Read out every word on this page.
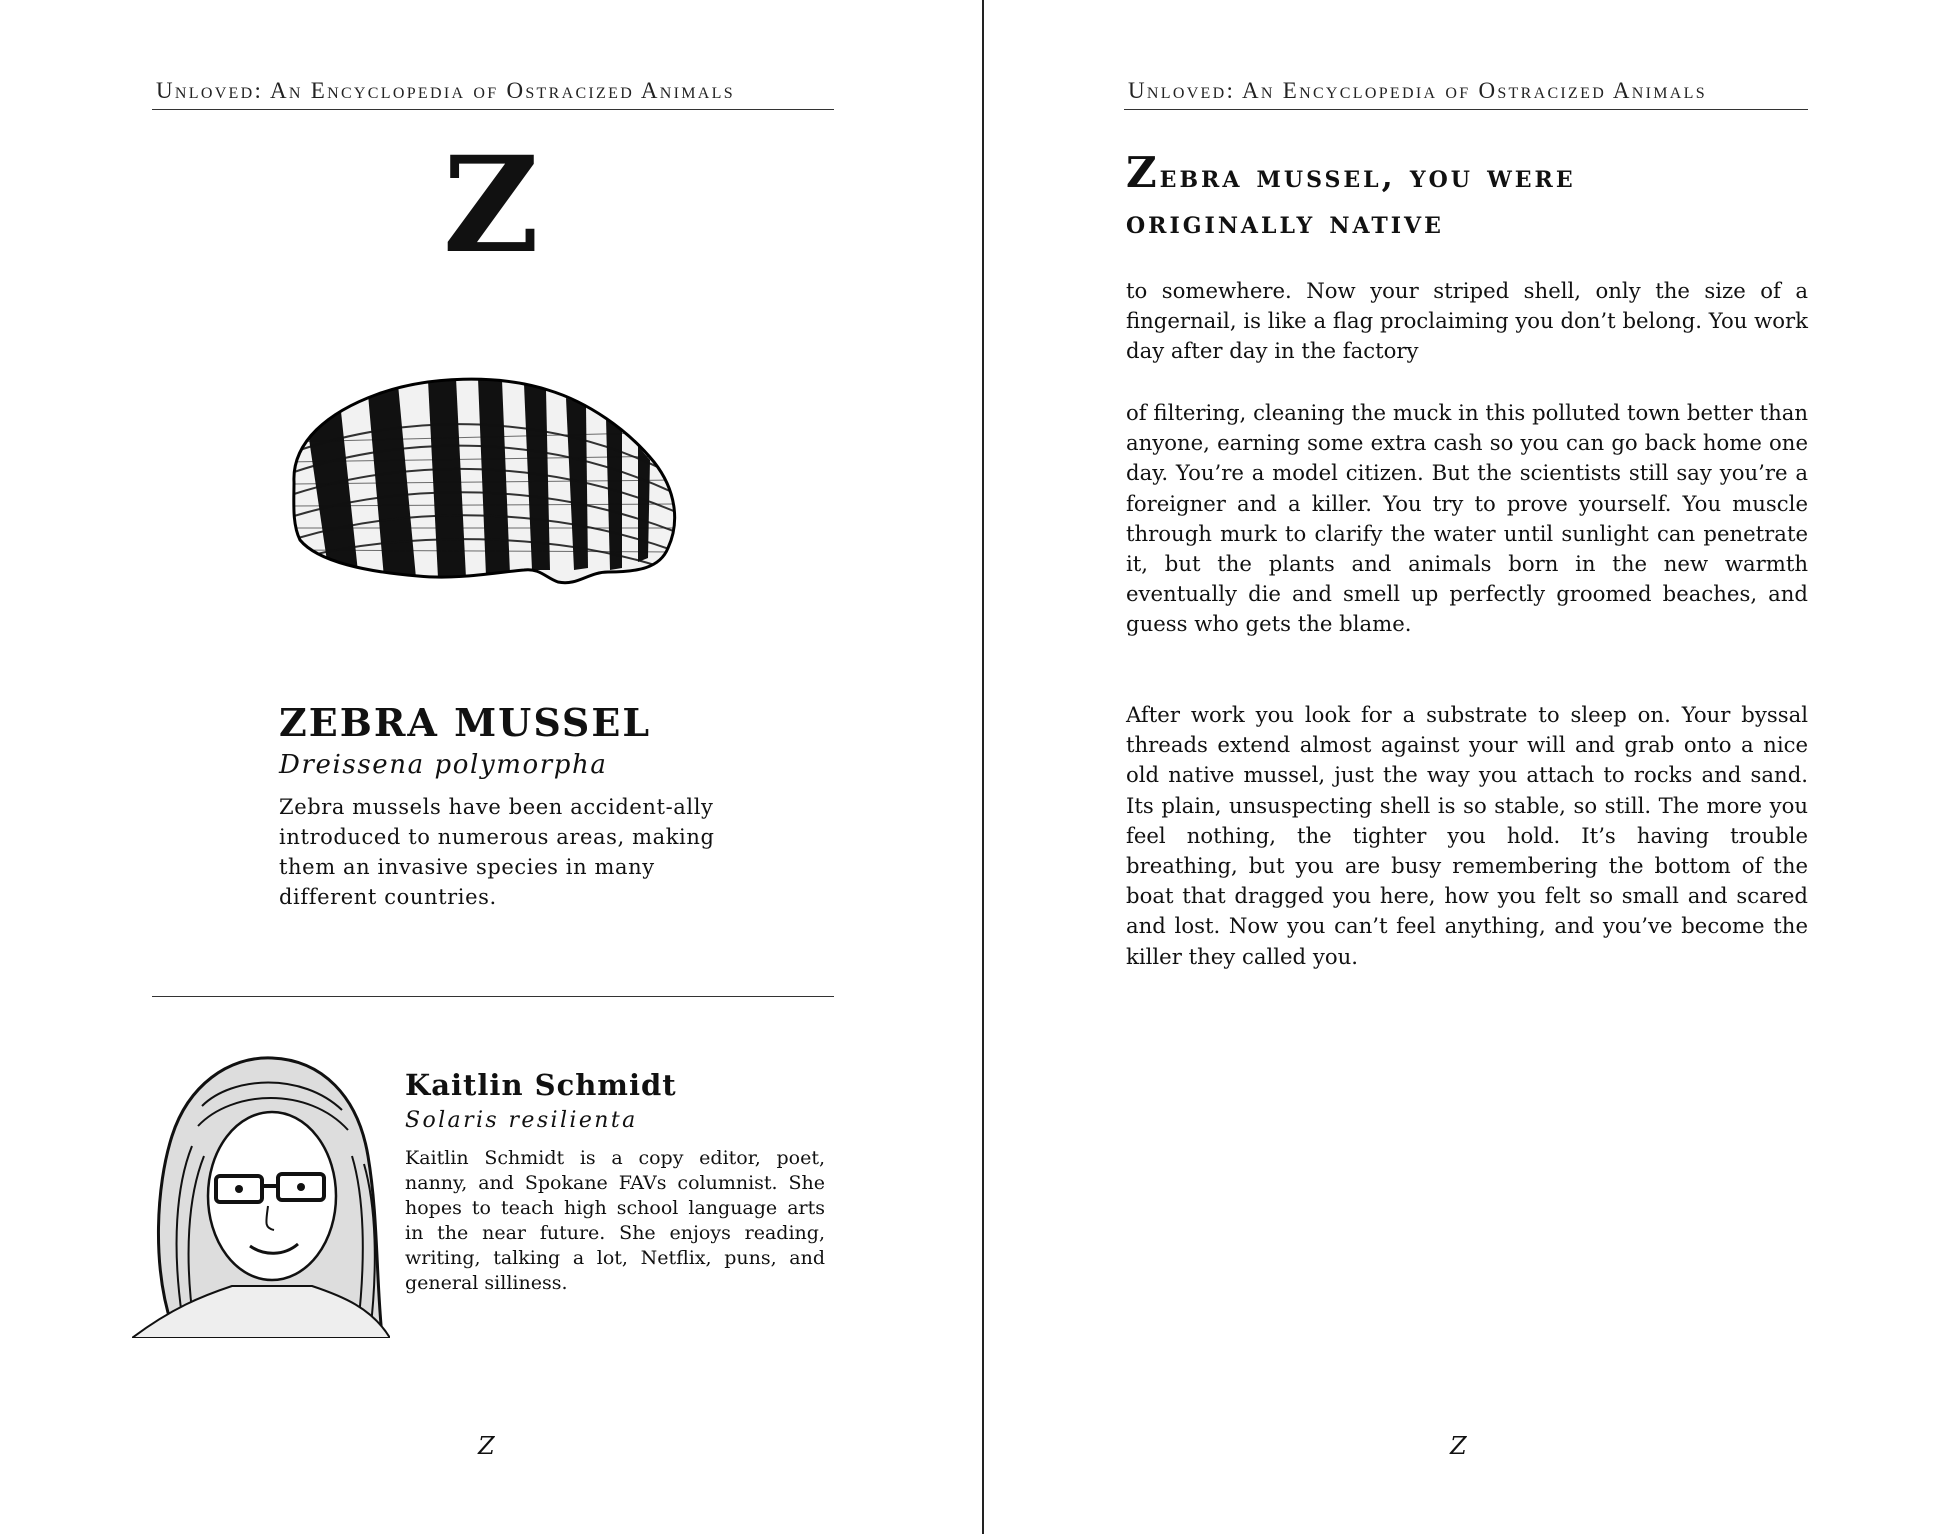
Unloved: An Encyclopedia of Ostracized Animals
Z
ZEBRA MUSSEL
Dreissena polymorpha
Zebra mussels have been accident-ally introduced to numerous areas, making them an invasive species in many different countries.
Kaitlin Schmidt
Solaris resilienta
Kaitlin Schmidt is a copy editor, poet, nanny, and Spokane FAVs columnist. She hopes to teach high school language arts in the near future. She enjoys reading, writing, talking a lot, Netflix, puns, and general silliness.
Z
Unloved: An Encyclopedia of Ostracized Animals
Zebra mussel, you were originally native
to somewhere. Now your striped shell, only the size of a fingernail, is like a flag proclaiming you don’t belong. You work day after day in the factory
of filtering, cleaning the muck in this polluted town better than anyone, earning some extra cash so you can go back home one day. You’re a model citizen. But the scientists still say you’re a foreigner and a killer. You try to prove yourself. You muscle through murk to clarify the water until sunlight can penetrate it, but the plants and animals born in the new warmth eventually die and smell up perfectly groomed beaches, and guess who gets the blame.
After work you look for a substrate to sleep on. Your byssal threads extend almost against your will and grab onto a nice old native mussel, just the way you attach to rocks and sand. Its plain, unsuspecting shell is so stable, so still. The more you feel nothing, the tighter you hold. It’s having trouble breathing, but you are busy remembering the bottom of the boat that dragged you here, how you felt so small and scared and lost. Now you can’t feel anything, and you’ve become the killer they called you.
Z
